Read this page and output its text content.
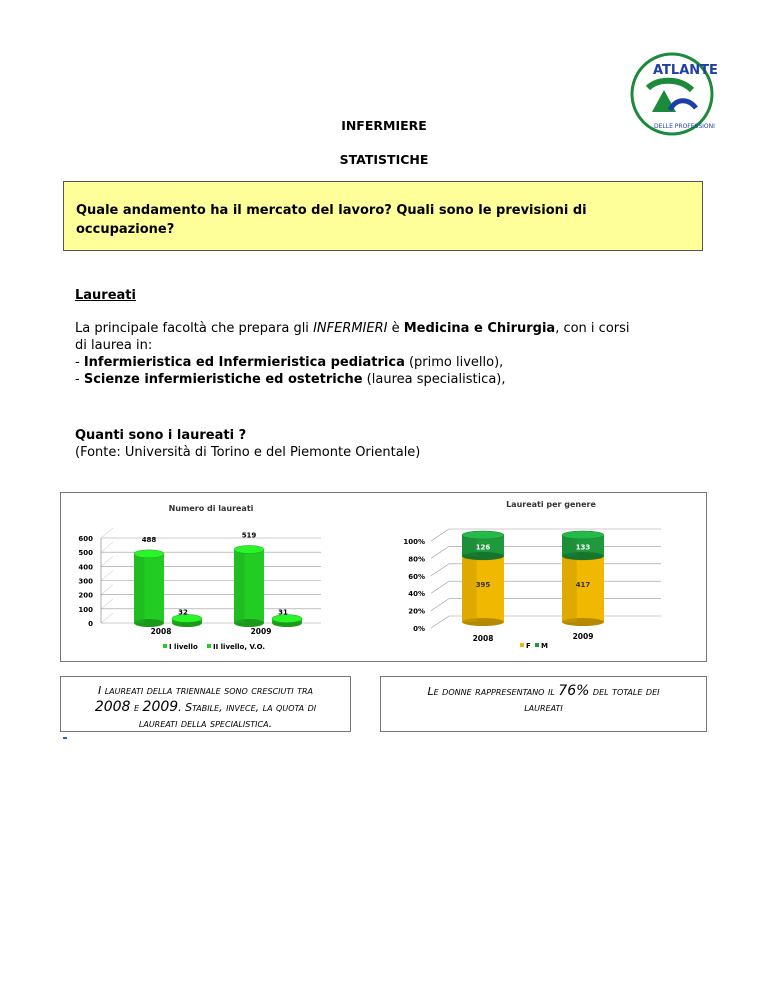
ATLANTE
DELLE PROFESSIONI
INFERMIERE
STATISTICHE
Quale andamento ha il mercato del lavoro? Quali sono le previsioni di
occupazione?
Laureati
La principale facoltà che prepara gli INFERMIERI è Medicina e Chirurgia, con i corsi
di laurea in:
- Infermieristica ed Infermieristica pediatrica (primo livello),
- Scienze infermieristiche ed ostetriche (laurea specialistica),
Quanti sono i laureati ?
(Fonte: Università di Torino e del Piemonte Orientale)
Numero di laureati
0
100
200
300
400
500
600	488
32
519
31
2008	2009
I livello II livello, V.O.
Laureati per genere
0%
20%
40%
60%
80%
100%
395
126
417
133
2008	2009
F M
I laureati della triennale sono cresciuti tra
2008 e 2009. Stabile, invece, la quota di
laureati della specialistica.
Le donne rappresentano il 76% del totale dei
laureati
